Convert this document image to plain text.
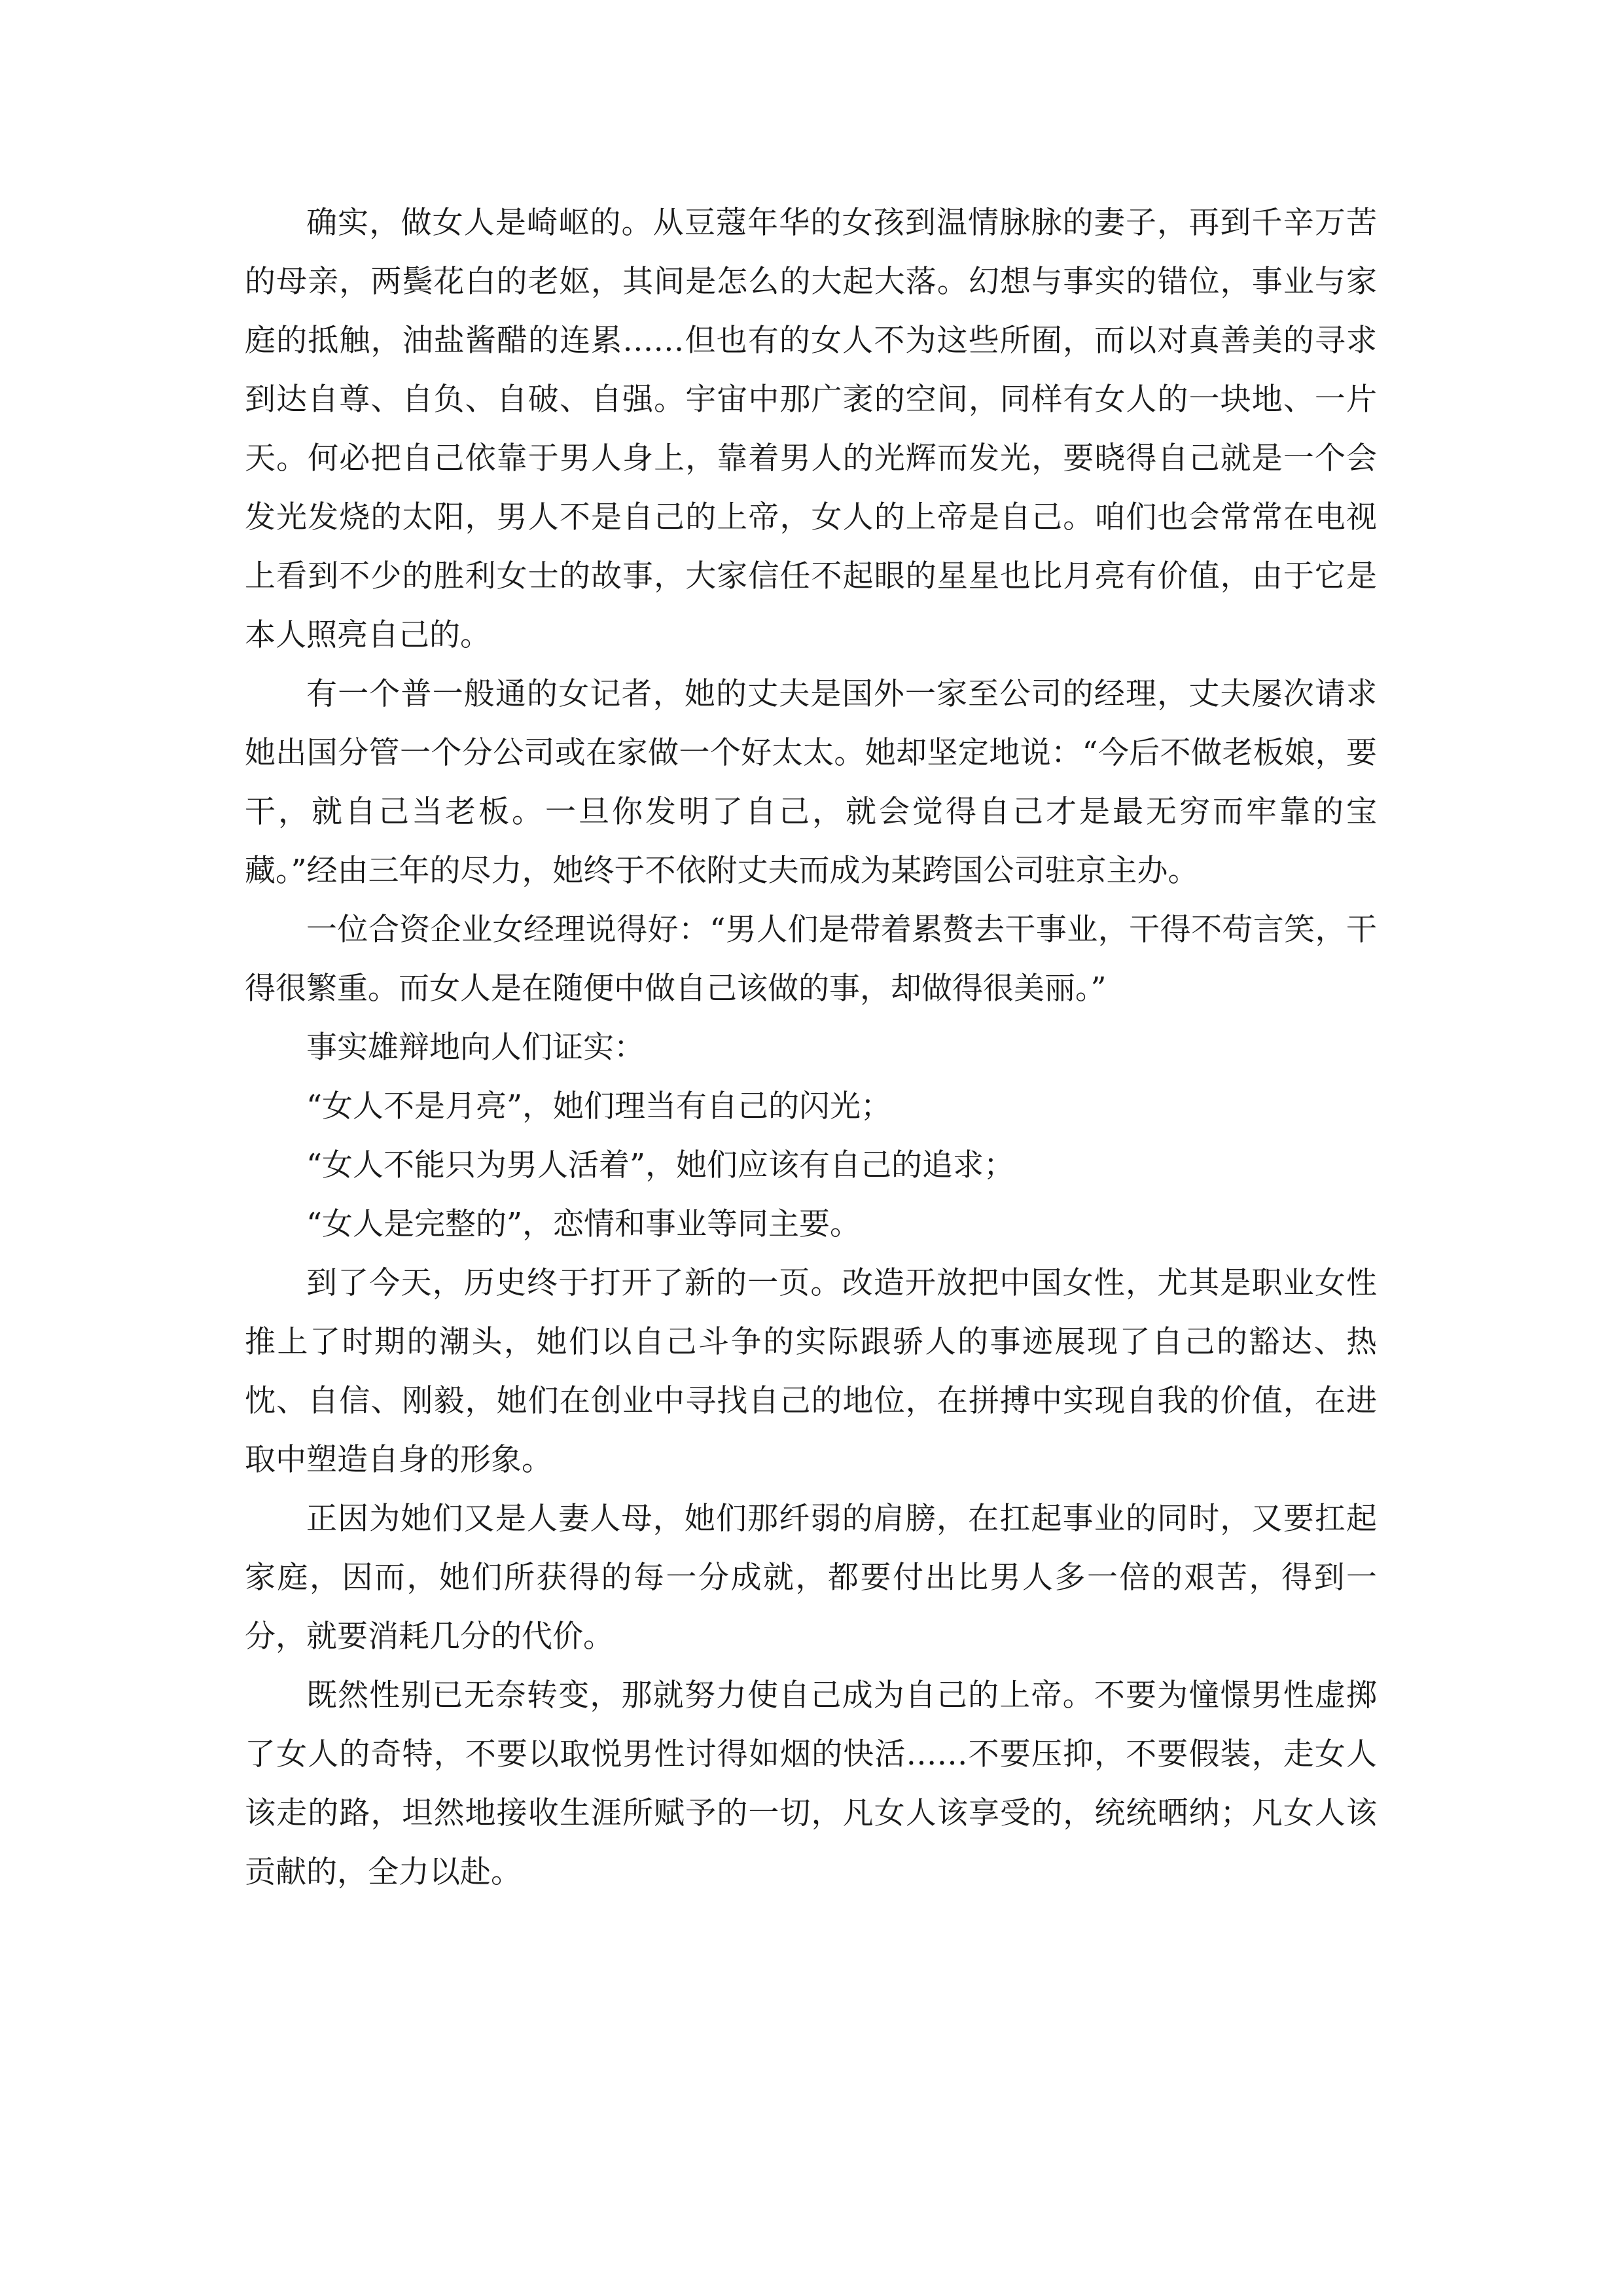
确实，做女人是崎岖的。从豆蔻年华的女孩到温情脉脉的妻子，再到千辛万苦的母亲，两鬓花白的老妪，其间是怎么的大起大落。幻想与事实的错位，事业与家庭的抵触，油盐酱醋的连累……但也有的女人不为这些所囿，而以对真善美的寻求到达自尊、自负、自破、自强。宇宙中那广袤的空间，同样有女人的一块地、一片天。何必把自己依靠于男人身上，靠着男人的光辉而发光，要晓得自己就是一个会发光发烧的太阳，男人不是自己的上帝，女人的上帝是自己。咱们也会常常在电视上看到不少的胜利女士的故事，大家信任不起眼的星星也比月亮有价值，由于它是本人照亮自己的。

有一个普一般通的女记者，她的丈夫是国外一家至公司的经理，丈夫屡次请求她出国分管一个分公司或在家做一个好太太。她却坚定地说：“今后不做老板娘，要干，就自己当老板。一旦你发明了自己，就会觉得自己才是最无穷而牢靠的宝藏。”经由三年的尽力，她终于不依附丈夫而成为某跨国公司驻京主办。

一位合资企业女经理说得好：“男人们是带着累赘去干事业，干得不苟言笑，干得很繁重。而女人是在随便中做自己该做的事，却做得很美丽。”

事实雄辩地向人们证实：

“女人不是月亮”，她们理当有自己的闪光；

“女人不能只为男人活着”，她们应该有自己的追求；

“女人是完整的”，恋情和事业等同主要。

到了今天，历史终于打开了新的一页。改造开放把中国女性，尤其是职业女性推上了时期的潮头，她们以自己斗争的实际跟骄人的事迹展现了自己的豁达、热忱、自信、刚毅，她们在创业中寻找自己的地位，在拼搏中实现自我的价值，在进取中塑造自身的形象。

正因为她们又是人妻人母，她们那纤弱的肩膀，在扛起事业的同时，又要扛起家庭，因而，她们所获得的每一分成就，都要付出比男人多一倍的艰苦，得到一分，就要消耗几分的代价。

既然性别已无奈转变，那就努力使自己成为自己的上帝。不要为憧憬男性虚掷了女人的奇特，不要以取悦男性讨得如烟的快活……不要压抑，不要假装，走女人该走的路，坦然地接收生涯所赋予的一切，凡女人该享受的，统统晒纳；凡女人该贡献的，全力以赴。
